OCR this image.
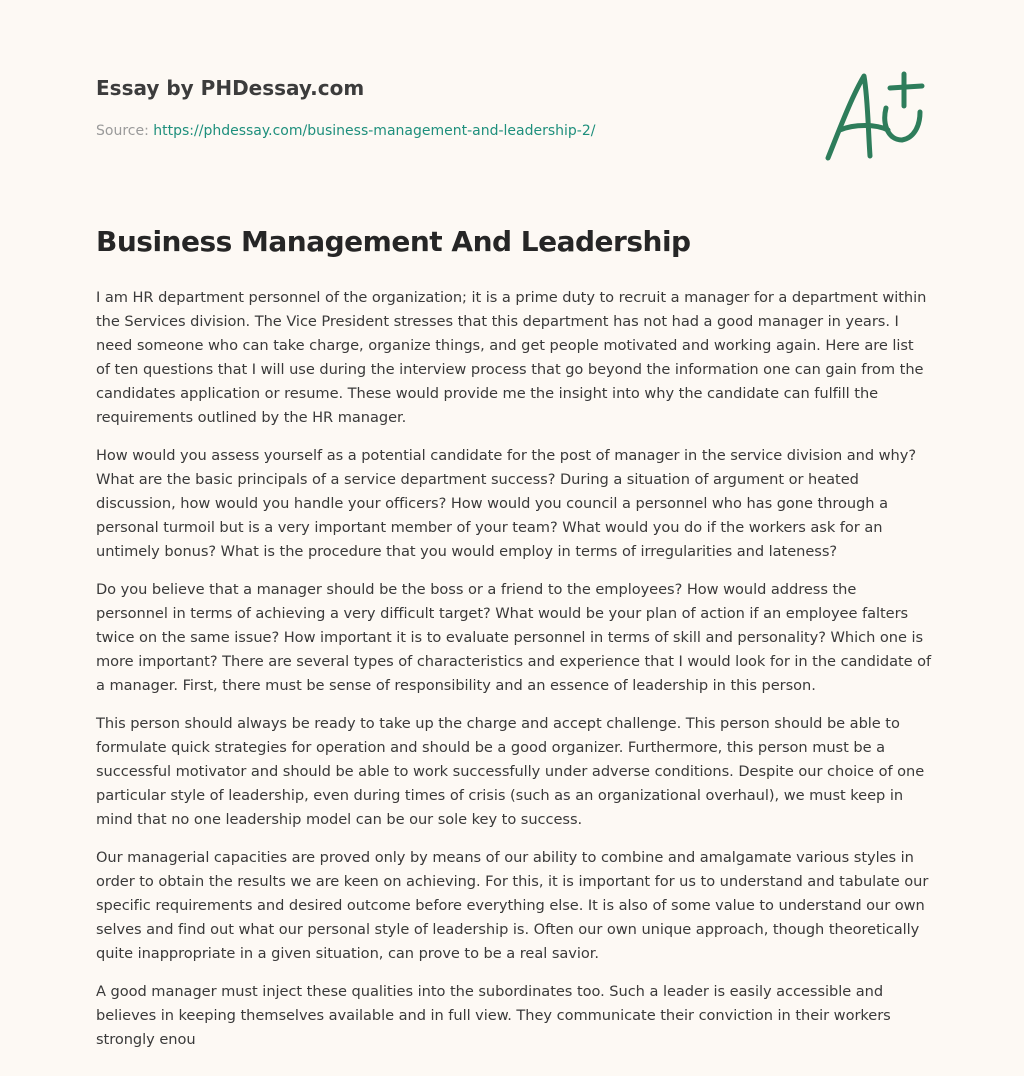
Essay by PHDessay.com

Source: https://phdessay.com/business-management-and-leadership-2/

Business Management And Leadership

I am HR department personnel of the organization; it is a prime duty to recruit a manager for a department within the Services division. The Vice President stresses that this department has not had a good manager in years. I need someone who can take charge, organize things, and get people motivated and working again. Here are list of ten questions that I will use during the interview process that go beyond the information one can gain from the candidates application or resume. These would provide me the insight into why the candidate can fulfill the requirements outlined by the HR manager.

How would you assess yourself as a potential candidate for the post of manager in the service division and why? What are the basic principals of a service department success? During a situation of argument or heated discussion, how would you handle your officers? How would you council a personnel who has gone through a personal turmoil but is a very important member of your team? What would you do if the workers ask for an untimely bonus? What is the procedure that you would employ in terms of irregularities and lateness?

Do you believe that a manager should be the boss or a friend to the employees? How would address the personnel in terms of achieving a very difficult target? What would be your plan of action if an employee falters twice on the same issue? How important it is to evaluate personnel in terms of skill and personality? Which one is more important? There are several types of characteristics and experience that I would look for in the candidate of a manager. First, there must be sense of responsibility and an essence of leadership in this person.

This person should always be ready to take up the charge and accept challenge. This person should be able to formulate quick strategies for operation and should be a good organizer. Furthermore, this person must be a successful motivator and should be able to work successfully under adverse conditions. Despite our choice of one particular style of leadership, even during times of crisis (such as an organizational overhaul), we must keep in mind that no one leadership model can be our sole key to success.

Our managerial capacities are proved only by means of our ability to combine and amalgamate various styles in order to obtain the results we are keen on achieving. For this, it is important for us to understand and tabulate our specific requirements and desired outcome before everything else. It is also of some value to understand our own selves and find out what our personal style of leadership is. Often our own unique approach, though theoretically quite inappropriate in a given situation, can prove to be a real savior.

A good manager must inject these qualities into the subordinates too. Such a leader is easily accessible and believes in keeping themselves available and in full view. They communicate their conviction in their workers strongly enou
